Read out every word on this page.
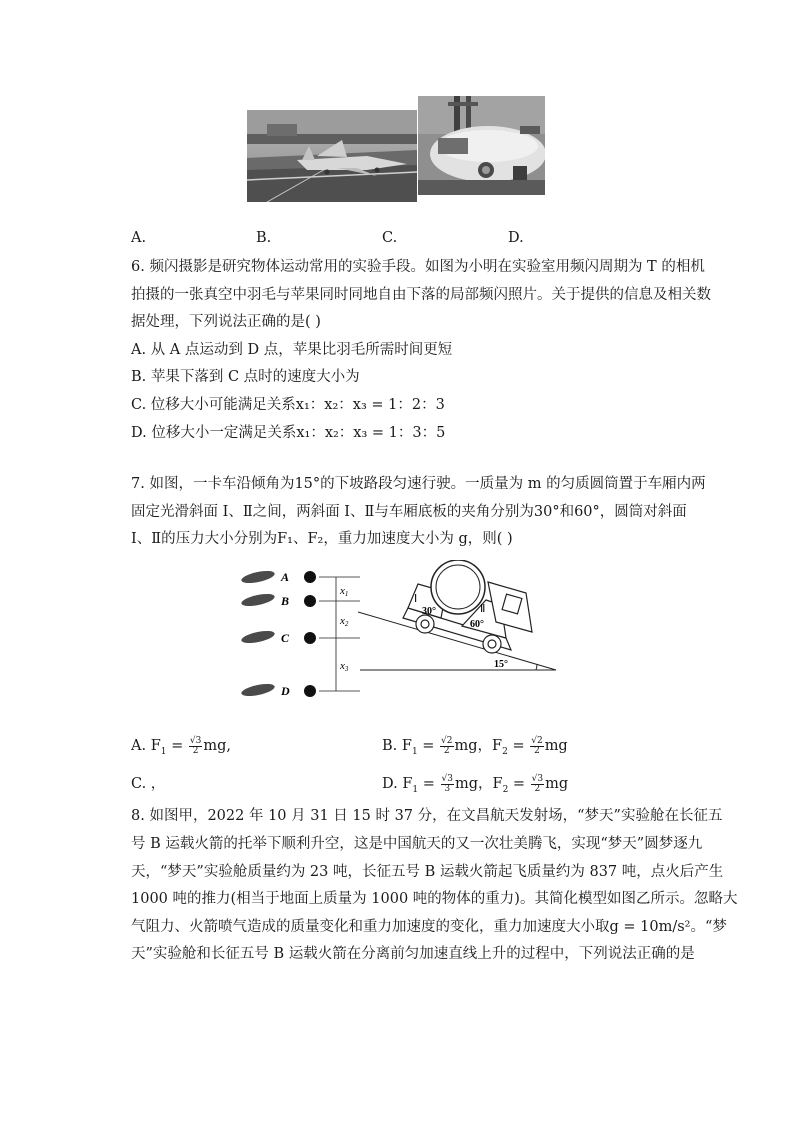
A.	B.	C.	D.
6. 频闪摄影是研究物体运动常用的实验手段。如图为小明在实验室用频闪周期为 T 的相机
拍摄的一张真空中羽毛与苹果同时同地自由下落的局部频闪照片。关于提供的信息及相关数
据处理，下列说法正确的是( )
A. 从 A 点运动到 D 点，苹果比羽毛所需时间更短
B. 苹果下落到 C 点时的速度大小为
C. 位移大小可能满足关系x₁：x₂：x₃ = 1：2：3
D. 位移大小一定满足关系x₁：x₂：x₃ = 1：3：5
7. 如图，一卡车沿倾角为15°的下坡路段匀速行驶。一质量为 m 的匀质圆筒置于车厢内两
固定光滑斜面 Ⅰ、Ⅱ之间，两斜面 Ⅰ、Ⅱ与车厢底板的夹角分别为30°和60°，圆筒对斜面
Ⅰ、Ⅱ的压力大小分别为F₁、F₂，重力加速度大小为 g，则( )
A
B
C
D
x1
x2
x3	15°
Ⅰ
Ⅱ
30°
60°
A. $F_1 = \frac{√3}{2}$ mg,	B. $F_1 = \frac{√2}{2}$ mg，$F_2 = \frac{√2}{2}$ mg
C. ，	D. $F_1 = \frac{√3}{3}$ mg，$F_2 = \frac{√3}{2}$ mg
8. 如图甲，2022 年 10 月 31 日 15 时 37 分，在文昌航天发射场，“梦天”实验舱在长征五
号 B 运载火箭的托举下顺利升空，这是中国航天的又一次壮美腾飞，实现“梦天”圆梦逐九
天，“梦天”实验舱质量约为 23 吨，长征五号 B 运载火箭起飞质量约为 837 吨，点火后产生
1000 吨的推力(相当于地面上质量为 1000 吨的物体的重力)。其简化模型如图乙所示。忽略大
气阻力、火箭喷气造成的质量变化和重力加速度的变化，重力加速度大小取g = 10m/s²。“梦
天”实验舱和长征五号 B 运载火箭在分离前匀加速直线上升的过程中，下列说法正确的是
